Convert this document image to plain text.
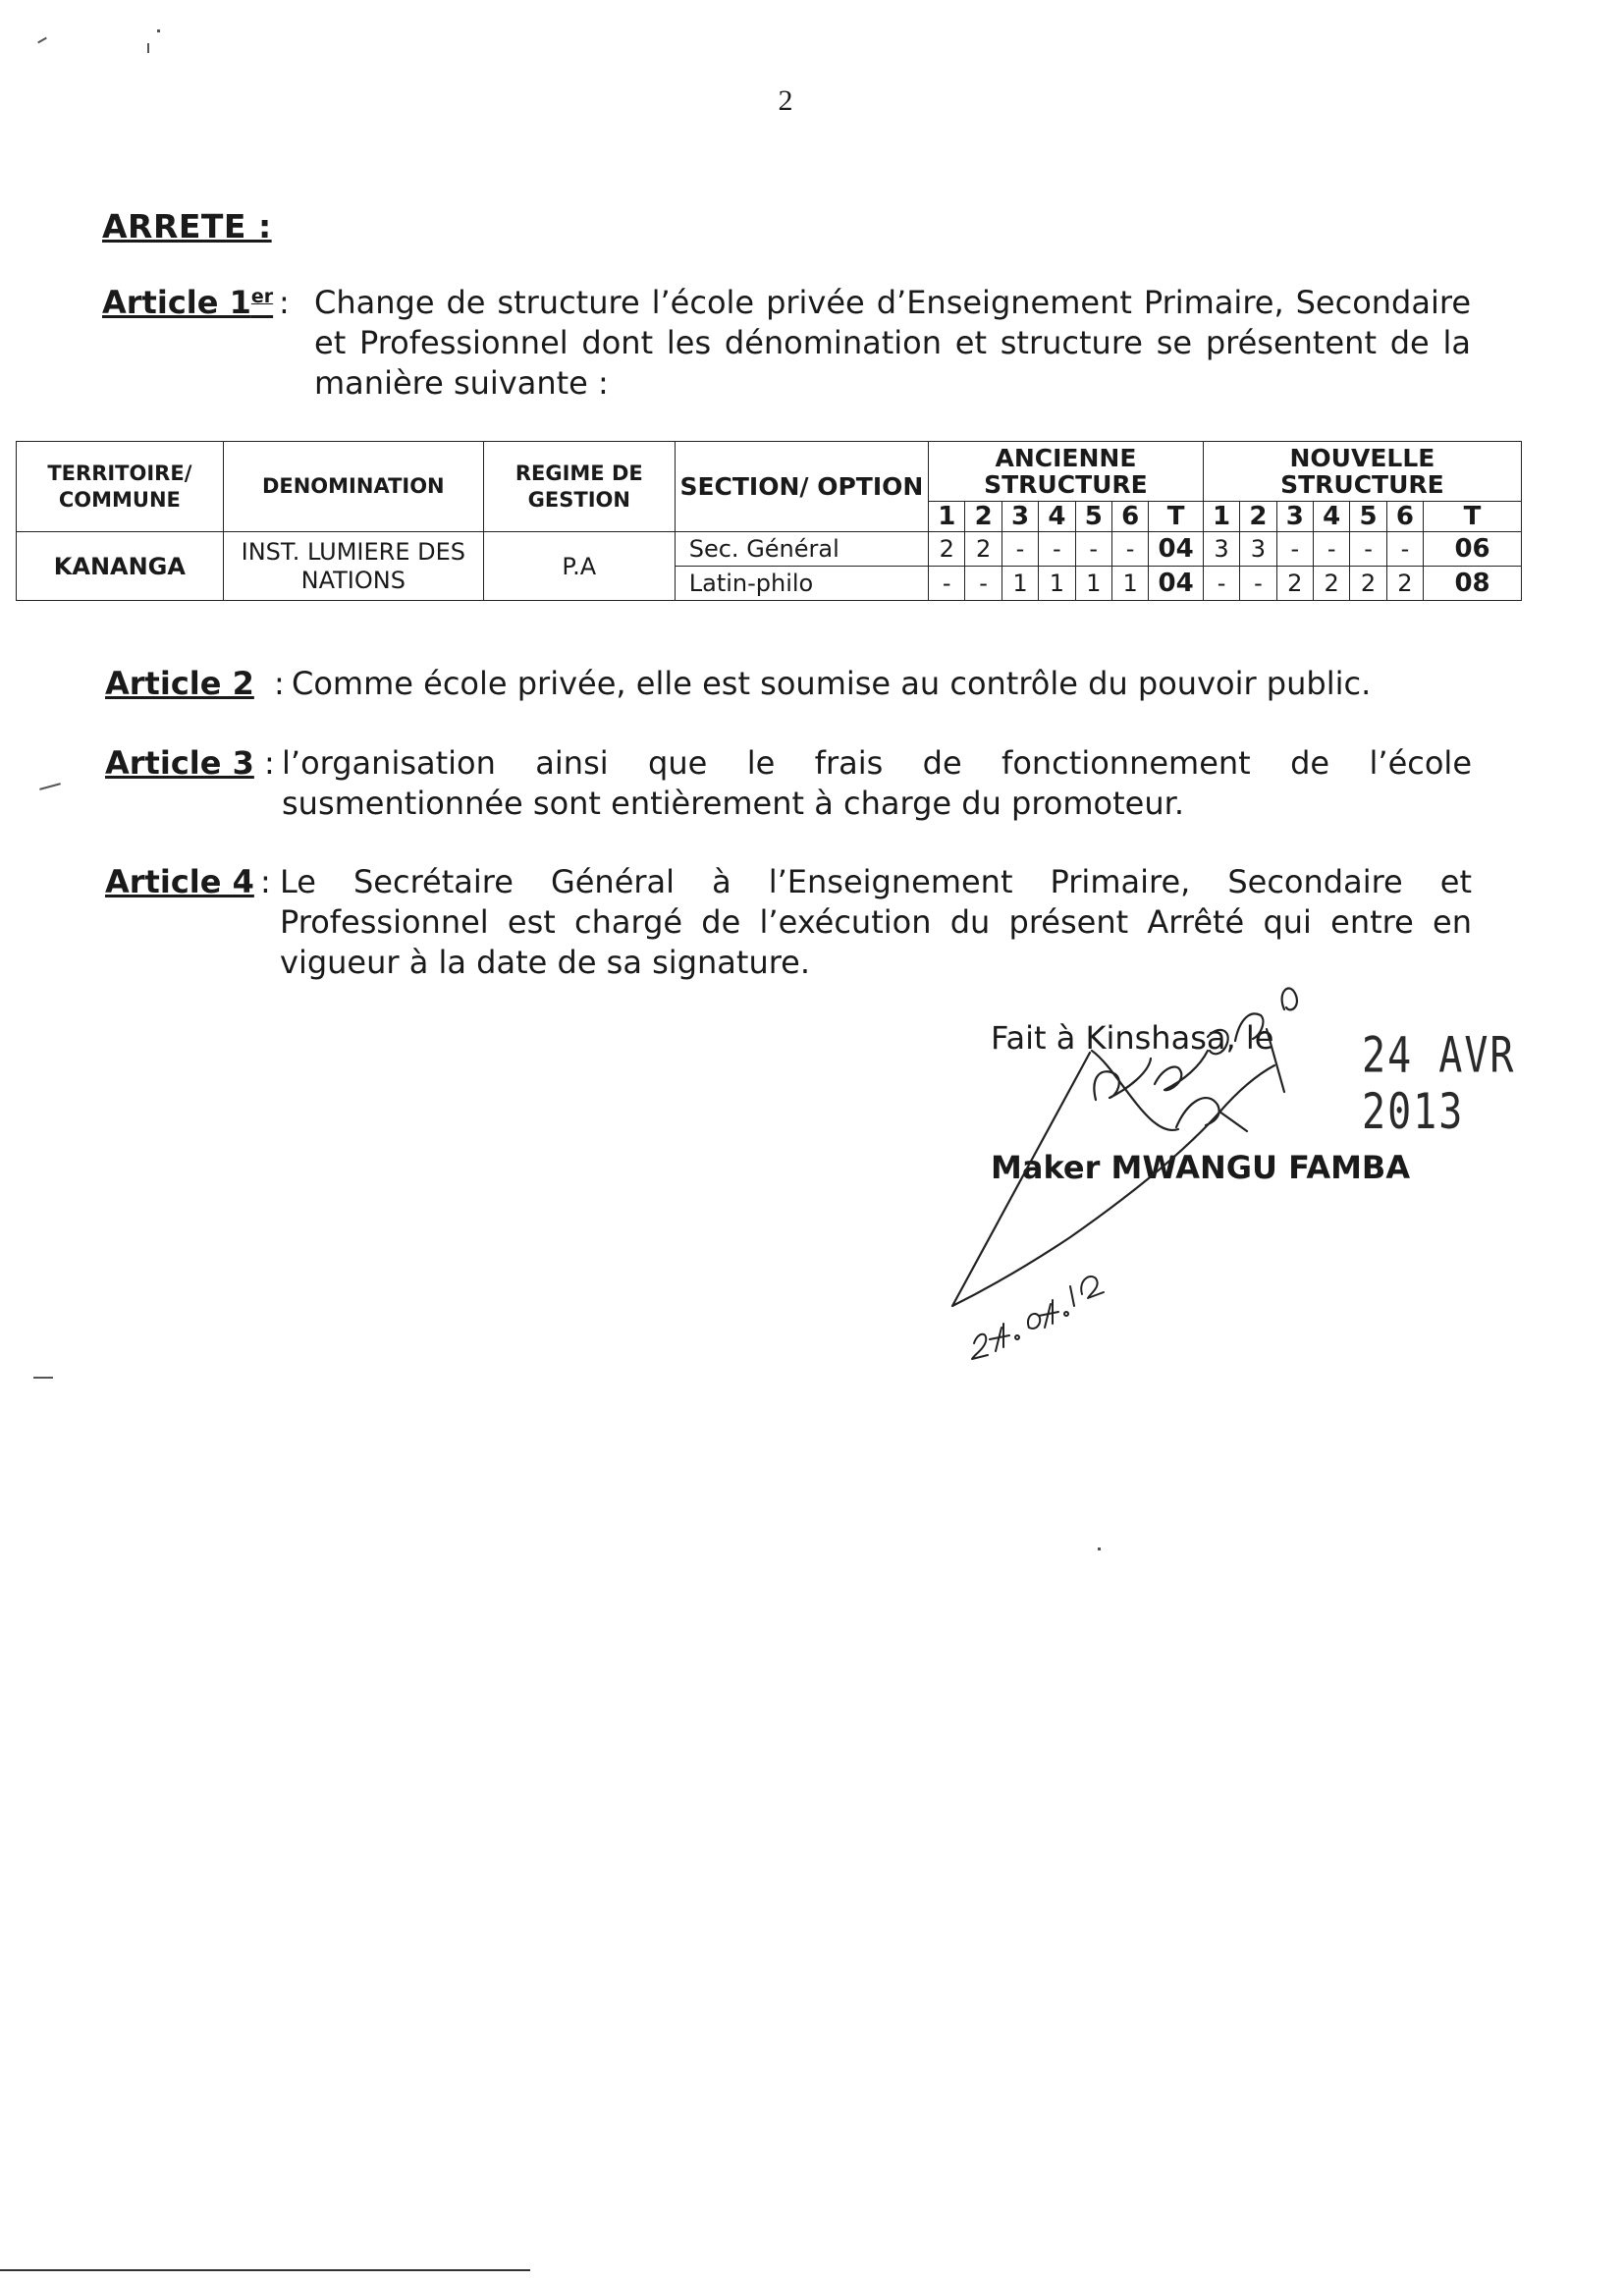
2
ARRETE :
Article 1er : Change de structure l’école privée d’Enseignement Primaire, Secondaire et Professionnel dont les dénomination et structure se présentent de la manière suivante :
TERRITOIRE/ COMMUNE	DENOMINATION	REGIME DE GESTION	SECTION/ OPTION	ANCIENNE STRUCTURE							NOUVELLE STRUCTURE						
				1	2	3	4	5	6	T	1	2	3	4	5	6	T
KANANGA	INST. LUMIERE DES NATIONS	P.A	Sec. Général	2	2	-	-	-	-	04	3	3	-	-	-	-	06
			Latin-philo	-	-	1	1	1	1	04	-	-	2	2	2	2	08
Article 2 : Comme école privée, elle est soumise au contrôle du pouvoir public.
Article 3 : l’organisation ainsi que le frais de fonctionnement de l’école susmentionnée sont entièrement à charge du promoteur.
Article 4 : Le Secrétaire Général à l’Enseignement Primaire, Secondaire et Professionnel est chargé de l’exécution du présent Arrêté qui entre en vigueur à la date de sa signature.
Fait à Kinshasa, le 24 AVR 2013
Maker MWANGU FAMBA
